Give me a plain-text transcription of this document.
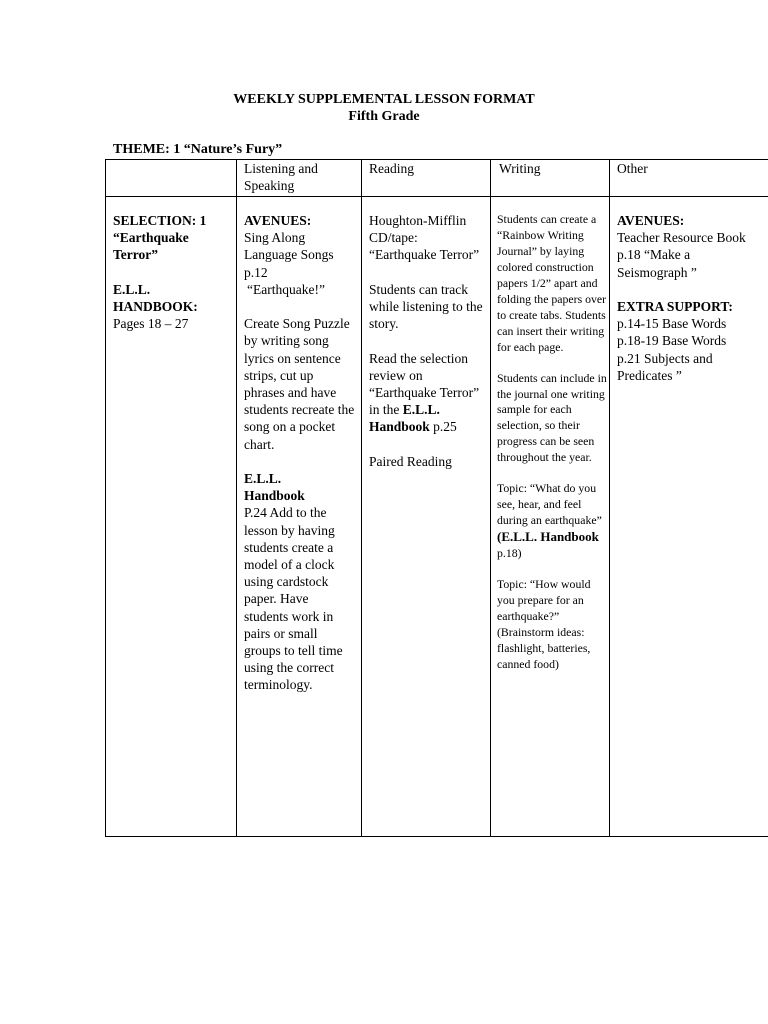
WEEKLY SUPPLEMENTAL LESSON FORMAT
Fifth Grade
THEME: 1 “Nature’s Fury”
Listening and Speaking
Reading	Writing	Other

SELECTION: 1

“Earthquake Terror”

E.L.L. HANDBOOK:

Pages 18 – 27

AVENUES:

Sing Along Language Songs p.12

“Earthquake!”

Create Song Puzzle by writing song lyrics on sentence strips, cut up phrases and have students recreate the song on a pocket chart.

E.L.L. Handbook

P.24 Add to the lesson by having students create a model of a clock using cardstock paper. Have students work in pairs or small groups to tell time using the correct terminology.

Houghton-Mifflin CD/tape: “Earthquake Terror”

Students can track while listening to the story.

Read the selection review on “Earthquake Terror” in the E.L.L. Handbook p.25

Paired Reading

Students can create a “Rainbow Writing Journal” by laying colored construction papers 1/2” apart and folding the papers over to create tabs. Students can insert their writing for each page.

Students can include in the journal one writing sample for each selection, so their progress can be seen throughout the year.

Topic: “What do you see, hear, and feel during an earthquake” (E.L.L. Handbook p.18)

Topic: “How would you prepare for an earthquake?” (Brainstorm ideas: flashlight, batteries, canned food)

AVENUES:

Teacher Resource Book p.18 “Make a Seismograph ”

EXTRA SUPPORT:

p.14-15 Base Words

p.18-19 Base Words

p.21 Subjects and Predicates ”
